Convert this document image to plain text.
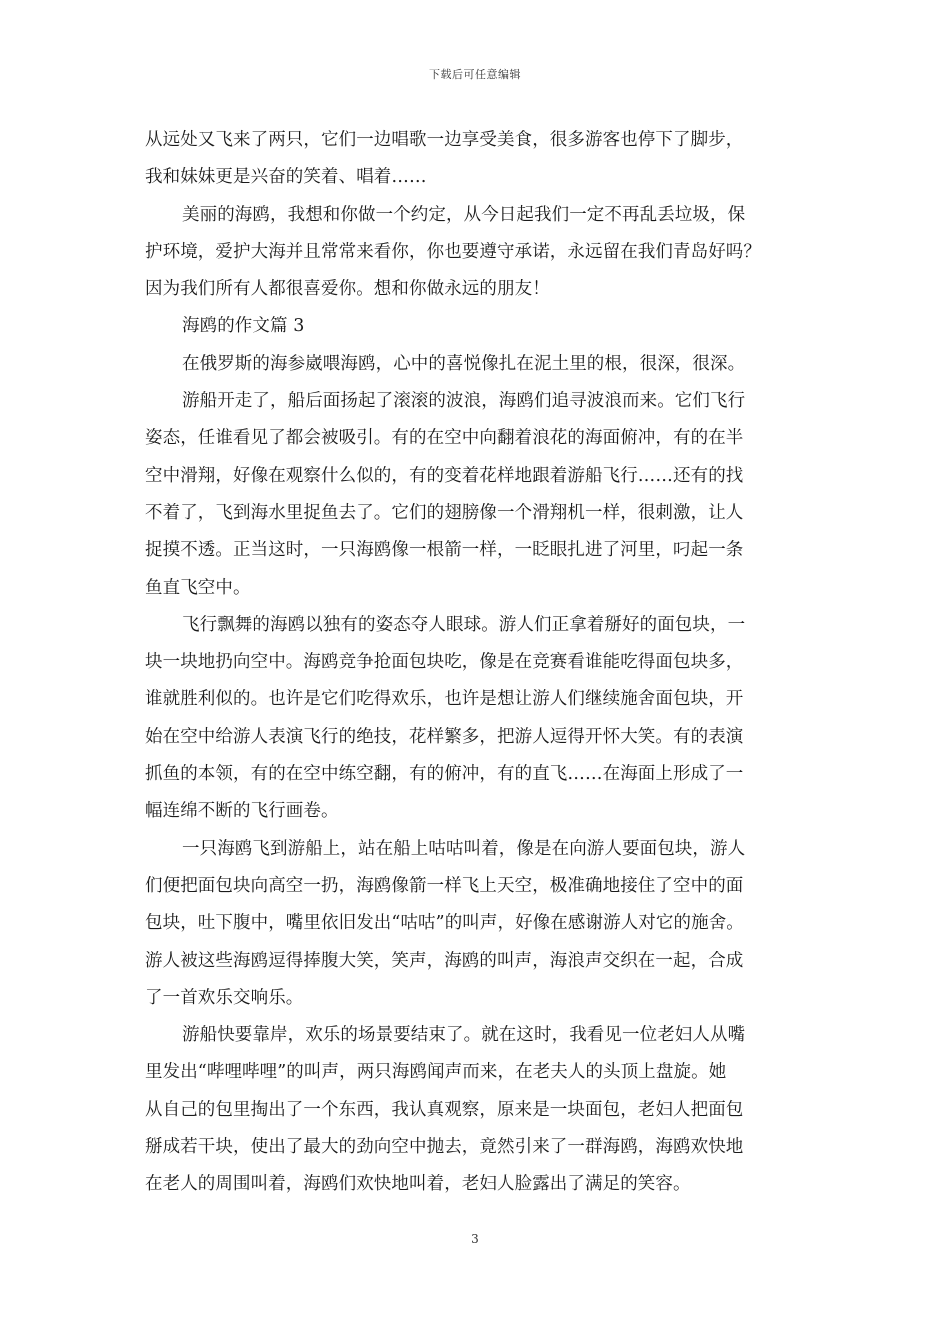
下载后可任意编辑
从远处又飞来了两只，它们一边唱歌一边享受美食，很多游客也停下了脚步，
我和妹妹更是兴奋的笑着、唱着……
美丽的海鸥，我想和你做一个约定，从今日起我们一定不再乱丢垃圾，保
护环境，爱护大海并且常常来看你，你也要遵守承诺，永远留在我们青岛好吗？
因为我们所有人都很喜爱你。想和你做永远的朋友！
海鸥的作文篇 3
在俄罗斯的海参崴喂海鸥，心中的喜悦像扎在泥土里的根，很深，很深。
游船开走了，船后面扬起了滚滚的波浪，海鸥们追寻波浪而来。它们飞行
姿态，任谁看见了都会被吸引。有的在空中向翻着浪花的海面俯冲，有的在半
空中滑翔，好像在观察什么似的，有的变着花样地跟着游船飞行……还有的找
不着了，飞到海水里捉鱼去了。它们的翅膀像一个滑翔机一样，很刺激，让人
捉摸不透。正当这时，一只海鸥像一根箭一样，一眨眼扎进了河里，叼起一条
鱼直飞空中。
飞行飘舞的海鸥以独有的姿态夺人眼球。游人们正拿着掰好的面包块，一
块一块地扔向空中。海鸥竞争抢面包块吃，像是在竞赛看谁能吃得面包块多，
谁就胜利似的。也许是它们吃得欢乐，也许是想让游人们继续施舍面包块，开
始在空中给游人表演飞行的绝技，花样繁多，把游人逗得开怀大笑。有的表演
抓鱼的本领，有的在空中练空翻，有的俯冲，有的直飞……在海面上形成了一
幅连绵不断的飞行画卷。
一只海鸥飞到游船上，站在船上咕咕叫着，像是在向游人要面包块，游人
们便把面包块向高空一扔，海鸥像箭一样飞上天空，极准确地接住了空中的面
包块，吐下腹中，嘴里依旧发出“咕咕”的叫声，好像在感谢游人对它的施舍。
游人被这些海鸥逗得捧腹大笑，笑声，海鸥的叫声，海浪声交织在一起，合成
了一首欢乐交响乐。
游船快要靠岸，欢乐的场景要结束了。就在这时，我看见一位老妇人从嘴
里发出“哔哩哔哩”的叫声，两只海鸥闻声而来，在老夫人的头顶上盘旋。她
从自己的包里掏出了一个东西，我认真观察，原来是一块面包，老妇人把面包
掰成若干块，使出了最大的劲向空中抛去，竟然引来了一群海鸥，海鸥欢快地
在老人的周围叫着，海鸥们欢快地叫着，老妇人脸露出了满足的笑容。
3
